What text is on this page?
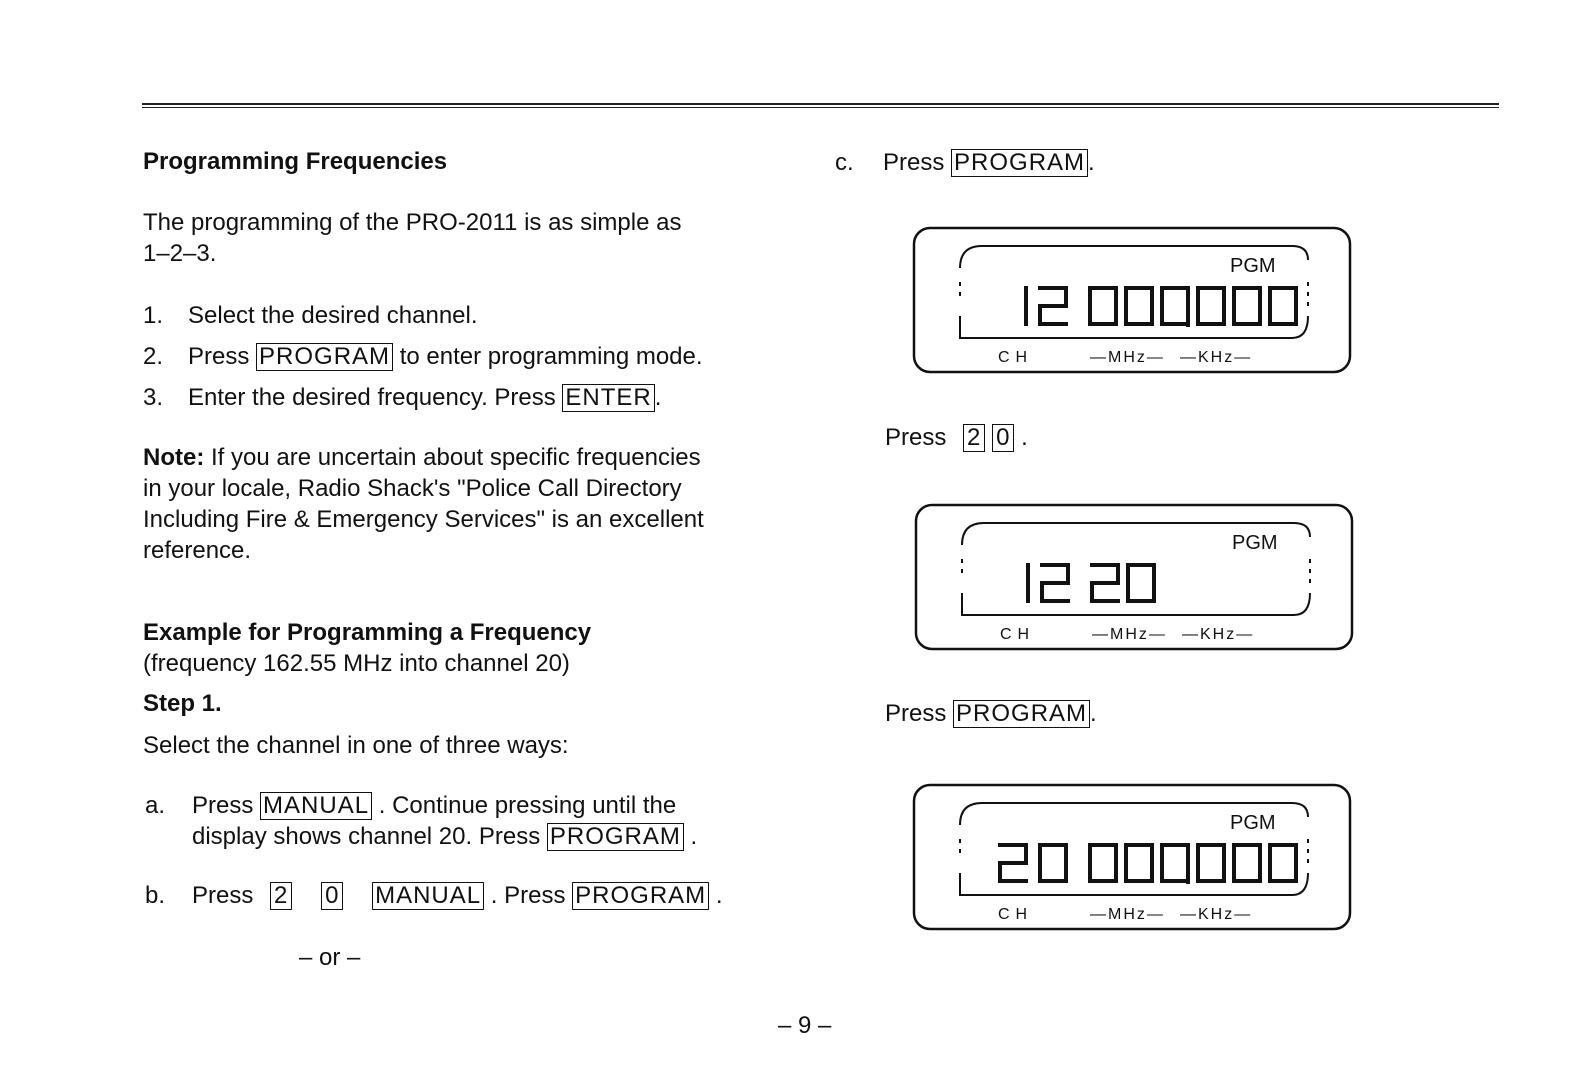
Programming Frequencies
The programming of the PRO-2011 is as simple as
1–2–3.
1. Select the desired channel.
2. Press PROGRAM to enter programming mode.
3. Enter the desired frequency. Press ENTER .
Note: If you are uncertain about specific frequencies
in your locale, Radio Shack's "Police Call Directory
Including Fire & Emergency Services" is an excellent
reference.
Example for Programming a Frequency
(frequency 162.55 MHz into channel 20)
Step 1.
Select the channel in one of three ways:
a. Press MANUAL . Continue pressing until the
display shows channel 20. Press PROGRAM .
b. Press 2 0 MANUAL . Press PROGRAM .
– or –
c. Press PROGRAM .
PGM
CH	—MHz— —KHz—
Press 2 0 .
PGM
CH	—MHz— —KHz—
Press PROGRAM .
PGM
CH	—MHz— —KHz—
– 9 –
